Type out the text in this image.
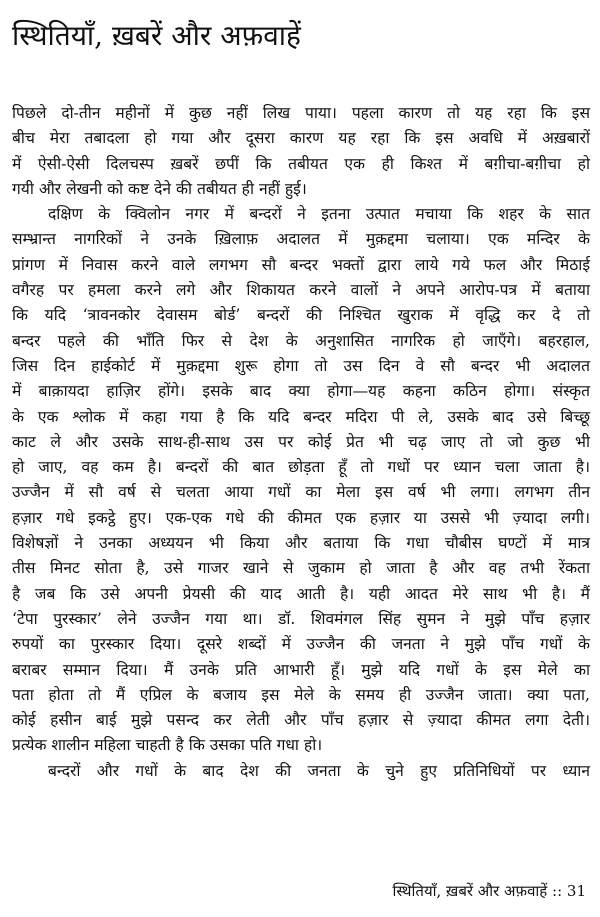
स्थितियाँ, ख़बरें और अफ़वाहें

पिछले दो-तीन महीनों में कुछ नहीं लिख पाया। पहला कारण तो यह रहा कि इस
बीच मेरा तबादला हो गया और दूसरा कारण यह रहा कि इस अवधि में अख़बारों
में ऐसी-ऐसी दिलचस्प ख़बरें छपीं कि तबीयत एक ही किश्त में बग़ीचा-बग़ीचा हो
गयी और लेखनी को कष्ट देने की तबीयत ही नहीं हुई।

दक्षिण के क्विलोन नगर में बन्दरों ने इतना उत्पात मचाया कि शहर के सात
सम्भ्रान्त नागरिकों ने उनके ख़िलाफ़ अदालत में मुक़द्दमा चलाया। एक मन्दिर के
प्रांगण में निवास करने वाले लगभग सौ बन्दर भक्तों द्वारा लाये गये फल और मिठाई
वगैरह पर हमला करने लगे और शिकायत करने वालों ने अपने आरोप-पत्र में बताया
कि यदि ‘त्रावनकोर देवासम बोर्ड’ बन्दरों की निश्चित खुराक में वृद्धि कर दे तो
बन्दर पहले की भाँति फिर से देश के अनुशासित नागरिक हो जाएँगे। बहरहाल,
जिस दिन हाईकोर्ट में मुक़द्दमा शुरू होगा तो उस दिन वे सौ बन्दर भी अदालत
में बाक़ायदा हाज़िर होंगे। इसके बाद क्या होगा—यह कहना कठिन होगा। संस्कृत
के एक श्लोक में कहा गया है कि यदि बन्दर मदिरा पी ले, उसके बाद उसे बिच्छू
काट ले और उसके साथ-ही-साथ उस पर कोई प्रेत भी चढ़ जाए तो जो कुछ भी
हो जाए, वह कम है। बन्दरों की बात छोड़ता हूँ तो गधों पर ध्यान चला जाता है।
उज्जैन में सौ वर्ष से चलता आया गधों का मेला इस वर्ष भी लगा। लगभग तीन
हज़ार गधे इकट्ठे हुए। एक-एक गधे की कीमत एक हज़ार या उससे भी ज़्यादा लगी।
विशेषज्ञों ने उनका अध्ययन भी किया और बताया कि गधा चौबीस घण्टों में मात्र
तीस मिनट सोता है, उसे गाजर खाने से जुकाम हो जाता है और वह तभी रेंकता
है जब कि उसे अपनी प्रेयसी की याद आती है। यही आदत मेरे साथ भी है। मैं
‘टेपा पुरस्कार’ लेने उज्जैन गया था। डॉ. शिवमंगल सिंह सुमन ने मुझे पाँच हज़ार
रुपयों का पुरस्कार दिया। दूसरे शब्दों में उज्जैन की जनता ने मुझे पाँच गधों के
बराबर सम्मान दिया। मैं उनके प्रति आभारी हूँ। मुझे यदि गधों के इस मेले का
पता होता तो मैं एप्रिल के बजाय इस मेले के समय ही उज्जैन जाता। क्या पता,
कोई हसीन बाई मुझे पसन्द कर लेती और पाँच हज़ार से ज़्यादा कीमत लगा देती।
प्रत्येक शालीन महिला चाहती है कि उसका पति गधा हो।

बन्दरों और गधों के बाद देश की जनता के चुने हुए प्रतिनिधियों पर ध्यान

स्थितियाँ, ख़बरें और अफ़वाहें :: 31
